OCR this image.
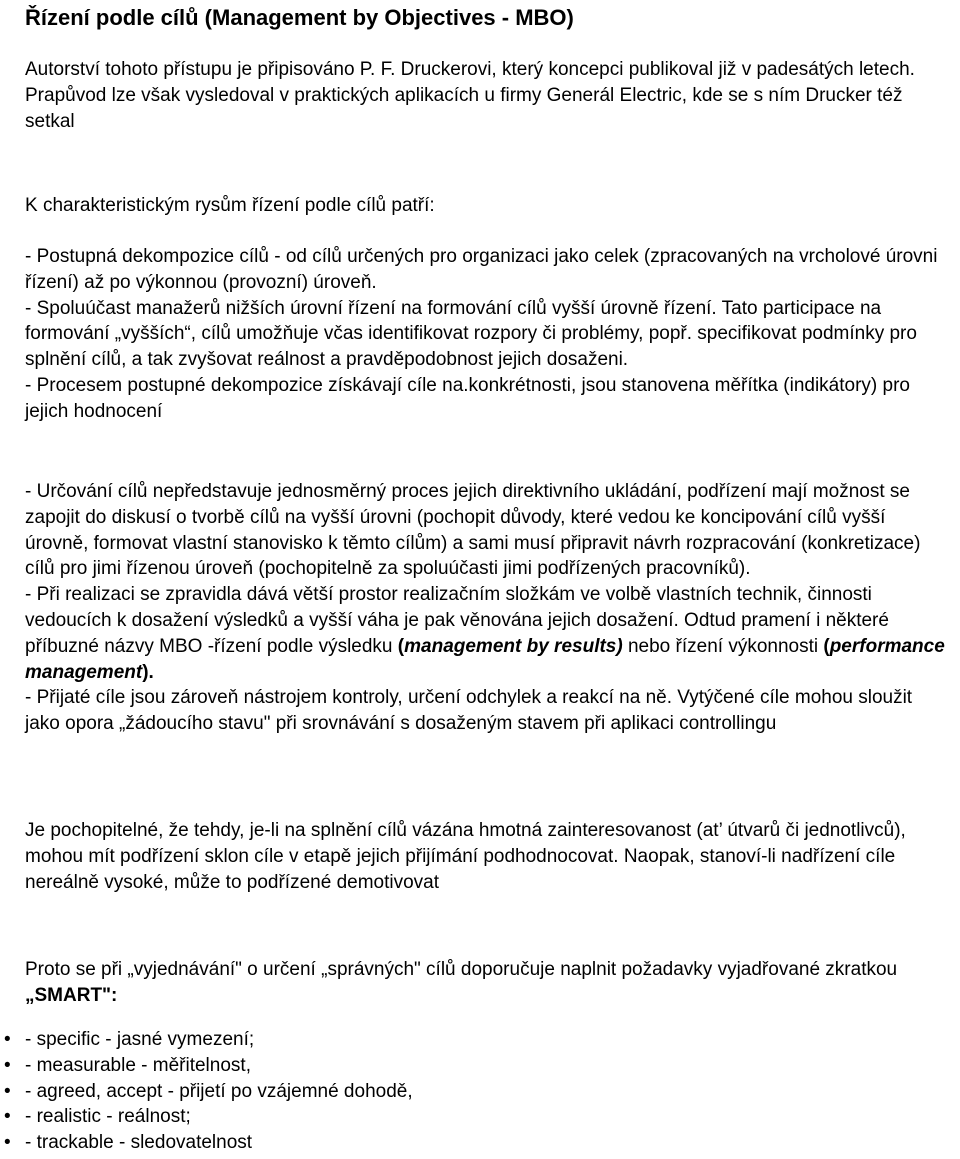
Řízení podle cílů (Management by Objectives - MBO)

Autorství tohoto přístupu je připisováno P. F. Druckerovi, který koncepci publikoval již v padesátých letech. Prapůvod lze však vysledoval v praktických aplikacích u firmy Generál Electric, kde se s ním Drucker též setkal

K charakteristickým rysům řízení podle cílů patří:

- Postupná dekompozice cílů - od cílů určených pro organizaci jako celek (zpracovaných na vrcholové úrovni řízení) až po výkonnou (provozní) úroveň.

- Spoluúčast manažerů nižších úrovní řízení na formování cílů vyšší úrovně řízení. Tato participace na formování „vyšších“, cílů umožňuje včas identifikovat rozpory či problémy, popř. specifikovat podmínky pro splnění cílů, a tak zvyšovat reálnost a pravděpodobnost jejich dosaženi.

- Procesem postupné dekompozice získávají cíle na.konkrétnosti, jsou stanovena měřítka (indikátory) pro jejich hodnocení

- Určování cílů nepředstavuje jednosměrný proces jejich direktivního ukládání, podřízení mají možnost se zapojit do diskusí o tvorbě cílů na vyšší úrovni (pochopit důvody, které vedou ke koncipování cílů vyšší úrovně, formovat vlastní stanovisko k těmto cílům) a sami musí připravit návrh rozpracování (konkretizace) cílů pro jimi řízenou úroveň (pochopitelně za spoluúčasti jimi podřízených pracovníků).

- Při realizaci se zpravidla dává větší prostor realizačním složkám ve volbě vlastních technik, činnosti vedoucích k dosažení výsledků a vyšší váha je pak věnována jejich dosažení. Odtud pramení i některé příbuzné názvy MBO -řízení podle výsledku (management by results) nebo řízení výkonnosti (performance management).

- Přijaté cíle jsou zároveň nástrojem kontroly, určení odchylek a reakcí na ně. Vytýčené cíle mohou sloužit jako opora „žádoucího stavu" při srovnávání s dosaženým stavem při aplikaci controllingu

Je pochopitelné, že tehdy, je-li na splnění cílů vázána hmotná zainteresovanost (at’ útvarů či jednotlivců), mohou mít podřízení sklon cíle v etapě jejich přijímání podhodnocovat. Naopak, stanoví-li nadřízení cíle nereálně vysoké, může to podřízené demotivovat

Proto se při „vyjednávání" o určení „správných" cílů doporučuje naplnit požadavky vyjadřované zkratkou „SMART":

• - specific - jasné vymezení;
• - measurable - měřitelnost,
• - agreed, accept - přijetí po vzájemné dohodě,
• - realistic - reálnost;
• - trackable - sledovatelnost
